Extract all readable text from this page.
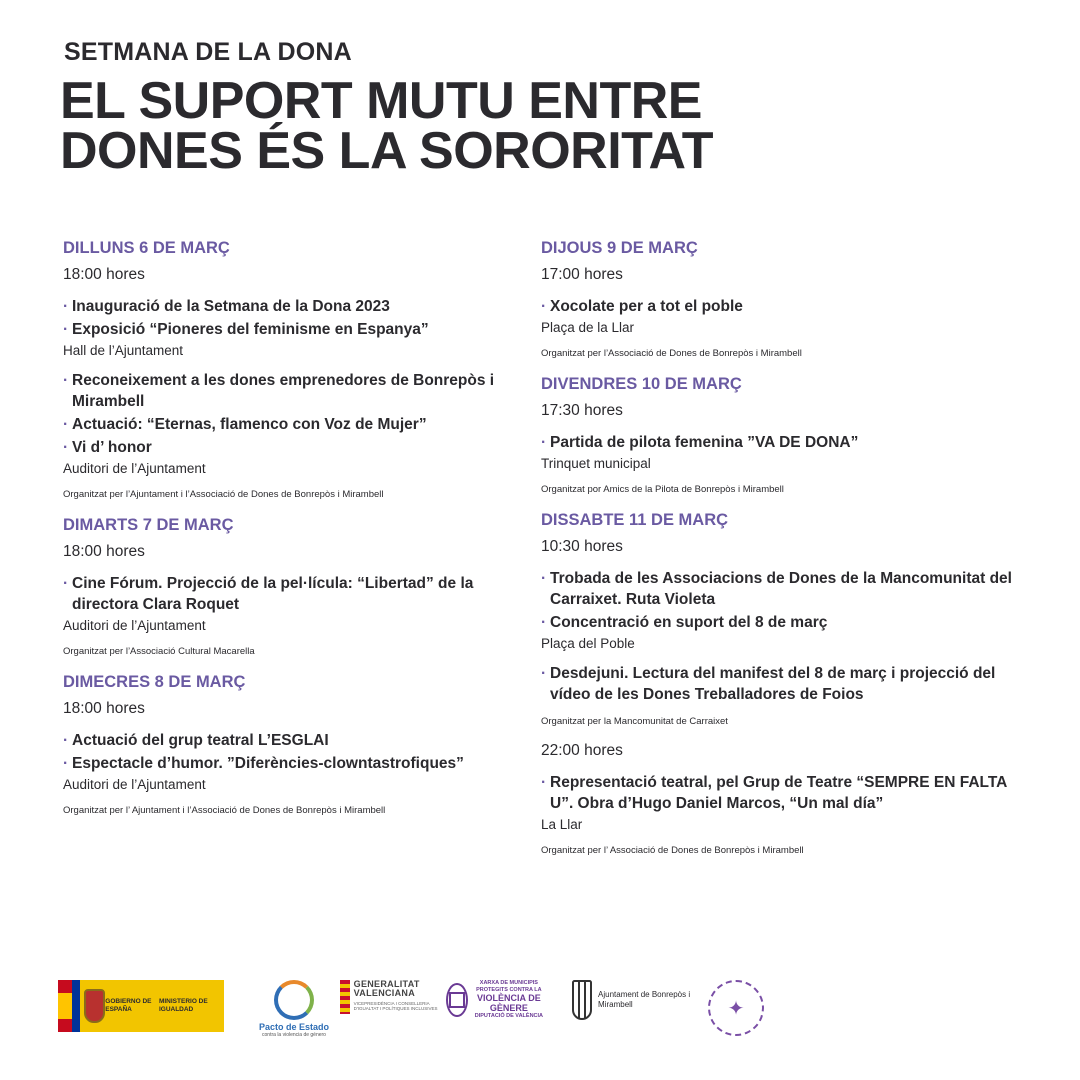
SETMANA DE LA DONA
EL SUPORT MUTU ENTRE
DONES ÉS LA SORORITAT
DILLUNS 6 DE MARÇ
18:00 hores
· Inauguració de la Setmana de la Dona 2023
· Exposició “Pioneres del feminisme en Espanya”
Hall de l’Ajuntament
· Reconeixement a les dones emprenedores de Bonrepòs i Mirambell
· Actuació: “Eternas, flamenco con Voz de Mujer”
· Vi d’ honor
Auditori de l’Ajuntament
Organitzat per l’Ajuntament i l’Associació de Dones de Bonrepòs i Mirambell
DIMARTS 7 DE MARÇ
18:00 hores
· Cine Fórum. Projecció de la pel·lícula: “Libertad” de la directora Clara Roquet
Auditori de l’Ajuntament
Organitzat per l’Associació Cultural Macarella
DIMECRES 8 DE MARÇ
18:00 hores
· Actuació del grup teatral L’ESGLAI
· Espectacle d’humor. ”Diferències-clowntastrofiques”
Auditori de l’Ajuntament
Organitzat per l’ Ajuntament i l’Associació de Dones de Bonrepòs i Mirambell
DIJOUS 9 DE MARÇ
17:00 hores
· Xocolate per a tot el poble
Plaça de la Llar
Organitzat per l’Associació de Dones de Bonrepòs i Mirambell
DIVENDRES 10 DE MARÇ
17:30 hores
· Partida de pilota femenina ”VA DE DONA”
Trinquet municipal
Organitzat por Amics de la Pilota de Bonrepòs i Mirambell
DISSABTE 11 DE MARÇ
10:30 hores
· Trobada de les Associacions de Dones de la Mancomunitat del Carraixet. Ruta Violeta
· Concentració en suport del 8 de març
Plaça del Poble
· Desdejuni. Lectura del manifest del 8 de març i projecció del vídeo de les Dones Treballadores de Foios
Organitzat per la Mancomunitat de Carraixet
22:00 hores
· Representació teatral, pel Grup de Teatre “SEMPRE EN FALTA U”. Obra d’Hugo Daniel Marcos, “Un mal día”
La Llar
Organitzat per l’ Associació de Dones de Bonrepòs i Mirambell
GOBIERNO DE ESPAÑA
MINISTERIO DE IGUALDAD
Pacto de Estado
contra la violencia de género
GENERALITAT
VALENCIANA
VICEPRESIDÈNCIA I CONSELLERIA D'IGUALTAT I POLÍTIQUES INCLUSIVES
XARXA DE MUNICIPIS PROTEGITS CONTRA LA
VIOLÈNCIA DE GÈNERE
DIPUTACIÓ DE VALÈNCIA
Ajuntament de Bonrepòs i Mirambell	✦
